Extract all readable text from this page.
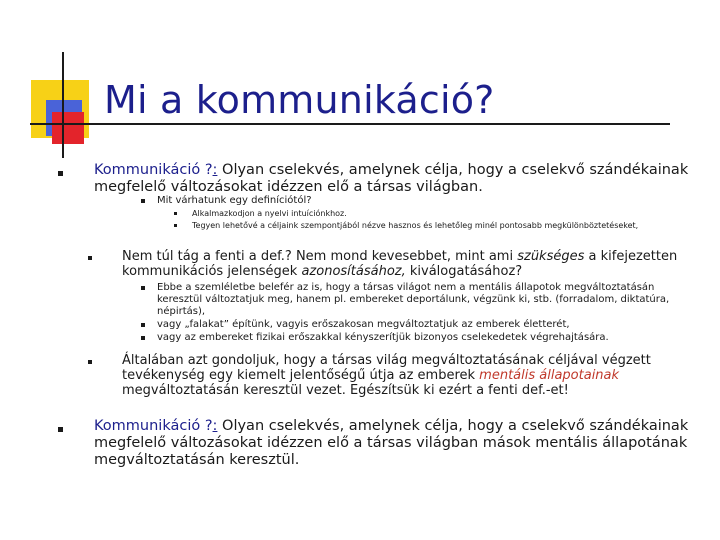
Mi a kommunikáció?

Kommunikáció ?: Olyan cselekvés, amelynek célja, hogy a cselekvő szándékainak megfelelő változásokat idézzen elő a társas világban.

Mit várhatunk egy definíciótól?

Alkalmazkodjon a nyelvi intuíciónkhoz.

Tegyen lehetővé a céljaink szempontjából nézve hasznos és lehetőleg minél pontosabb megkülönböztetéseket,

Nem túl tág a fenti a def.? Nem mond kevesebbet, mint ami szükséges a kifejezetten kommunikációs jelenségek azonosításához, kiválogatásához?

Ebbe a szemléletbe belefér az is, hogy a társas világot nem a mentális állapotok megváltoztatásán keresztül változtatjuk meg, hanem pl. embereket deportálunk, végzünk ki, stb. (forradalom, diktatúra, népirtás),

vagy „falakat” építünk, vagyis erőszakosan megváltoztatjuk az emberek életterét,

vagy az embereket fizikai erőszakkal kényszerítjük bizonyos cselekedetek végrehajtására.

Általában azt gondoljuk, hogy a társas világ megváltoztatásának céljával végzett tevékenység egy kiemelt jelentőségű útja az emberek mentális állapotainak megváltoztatásán keresztül vezet. Egészítsük ki ezért a fenti def.-et!

Kommunikáció ?: Olyan cselekvés, amelynek célja, hogy a cselekvő szándékainak megfelelő változásokat idézzen elő a társas világban mások mentális állapotának megváltoztatásán keresztül.
